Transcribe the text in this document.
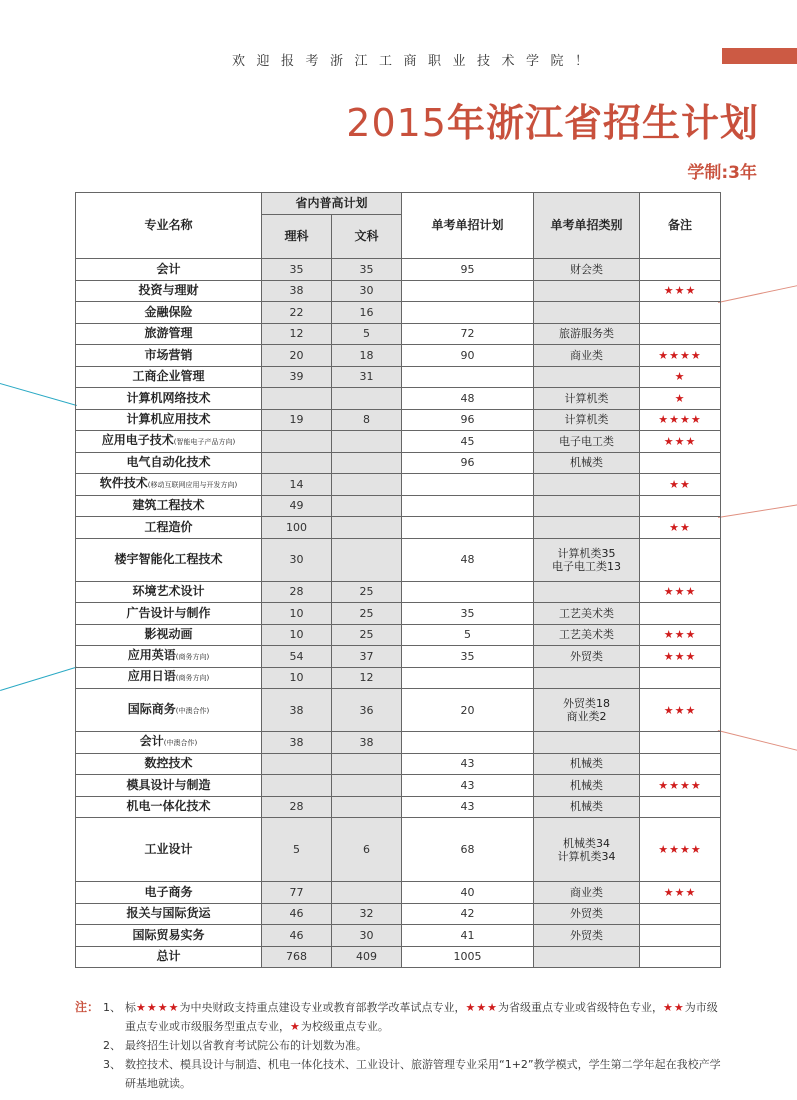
欢迎报考浙江工商职业技术学院！
2015年浙江省招生计划
学制:3年
专业名称	省内普高计划		单考单招计划	单考单招类别	备注
	理科	文科			
会计	35	35	95	财会类	
投资与理财	38	30			★★★
金融保险	22	16			
旅游管理	12	5	72	旅游服务类	
市场营销	20	18	90	商业类	★★★★
工商企业管理	39	31			★
计算机网络技术			48	计算机类	★
计算机应用技术	19	8	96	计算机类	★★★★
应用电子技术(智能电子产品方向)			45	电子电工类	★★★
电气自动化技术			96	机械类	
软件技术(移动互联网应用与开发方向)	14				★★
建筑工程技术	49				
工程造价	100				★★
楼宇智能化工程技术	30		48	计算机类35
电子电工类13	

环境艺术设计	28	25			★★★
广告设计与制作	10	25	35	工艺美术类	
影视动画	10	25	5	工艺美术类	★★★
应用英语(商务方向)	54	37	35	外贸类	★★★
应用日语(商务方向)	10	12			
国际商务(中澳合作)	38	36	20	外贸类18
商业类2	★★★
会计(中澳合作)	38	38			
数控技术			43	机械类	
模具设计与制造			43	机械类	★★★★
机电一体化技术	28		43	机械类	
工业设计	5	6	68	机械类34
计算机类34	★★★★
电子商务	77		40	商业类	★★★
报关与国际货运	46	32	42	外贸类	
国际贸易实务	46	30	41	外贸类	
总计	768	409	1005		
注： 1、 标★★★★为中央财政支持重点建设专业或教育部教学改革试点专业，★★★为省级重点专业或省级特色专业，★★为市级重点专业或市级服务型重点专业，★为校级重点专业。
2、 最终招生计划以省教育考试院公布的计划数为准。
3、 数控技术、模具设计与制造、机电一体化技术、工业设计、旅游管理专业采用“1+2”教学模式，学生第二学年起在我校产学研基地就读。
